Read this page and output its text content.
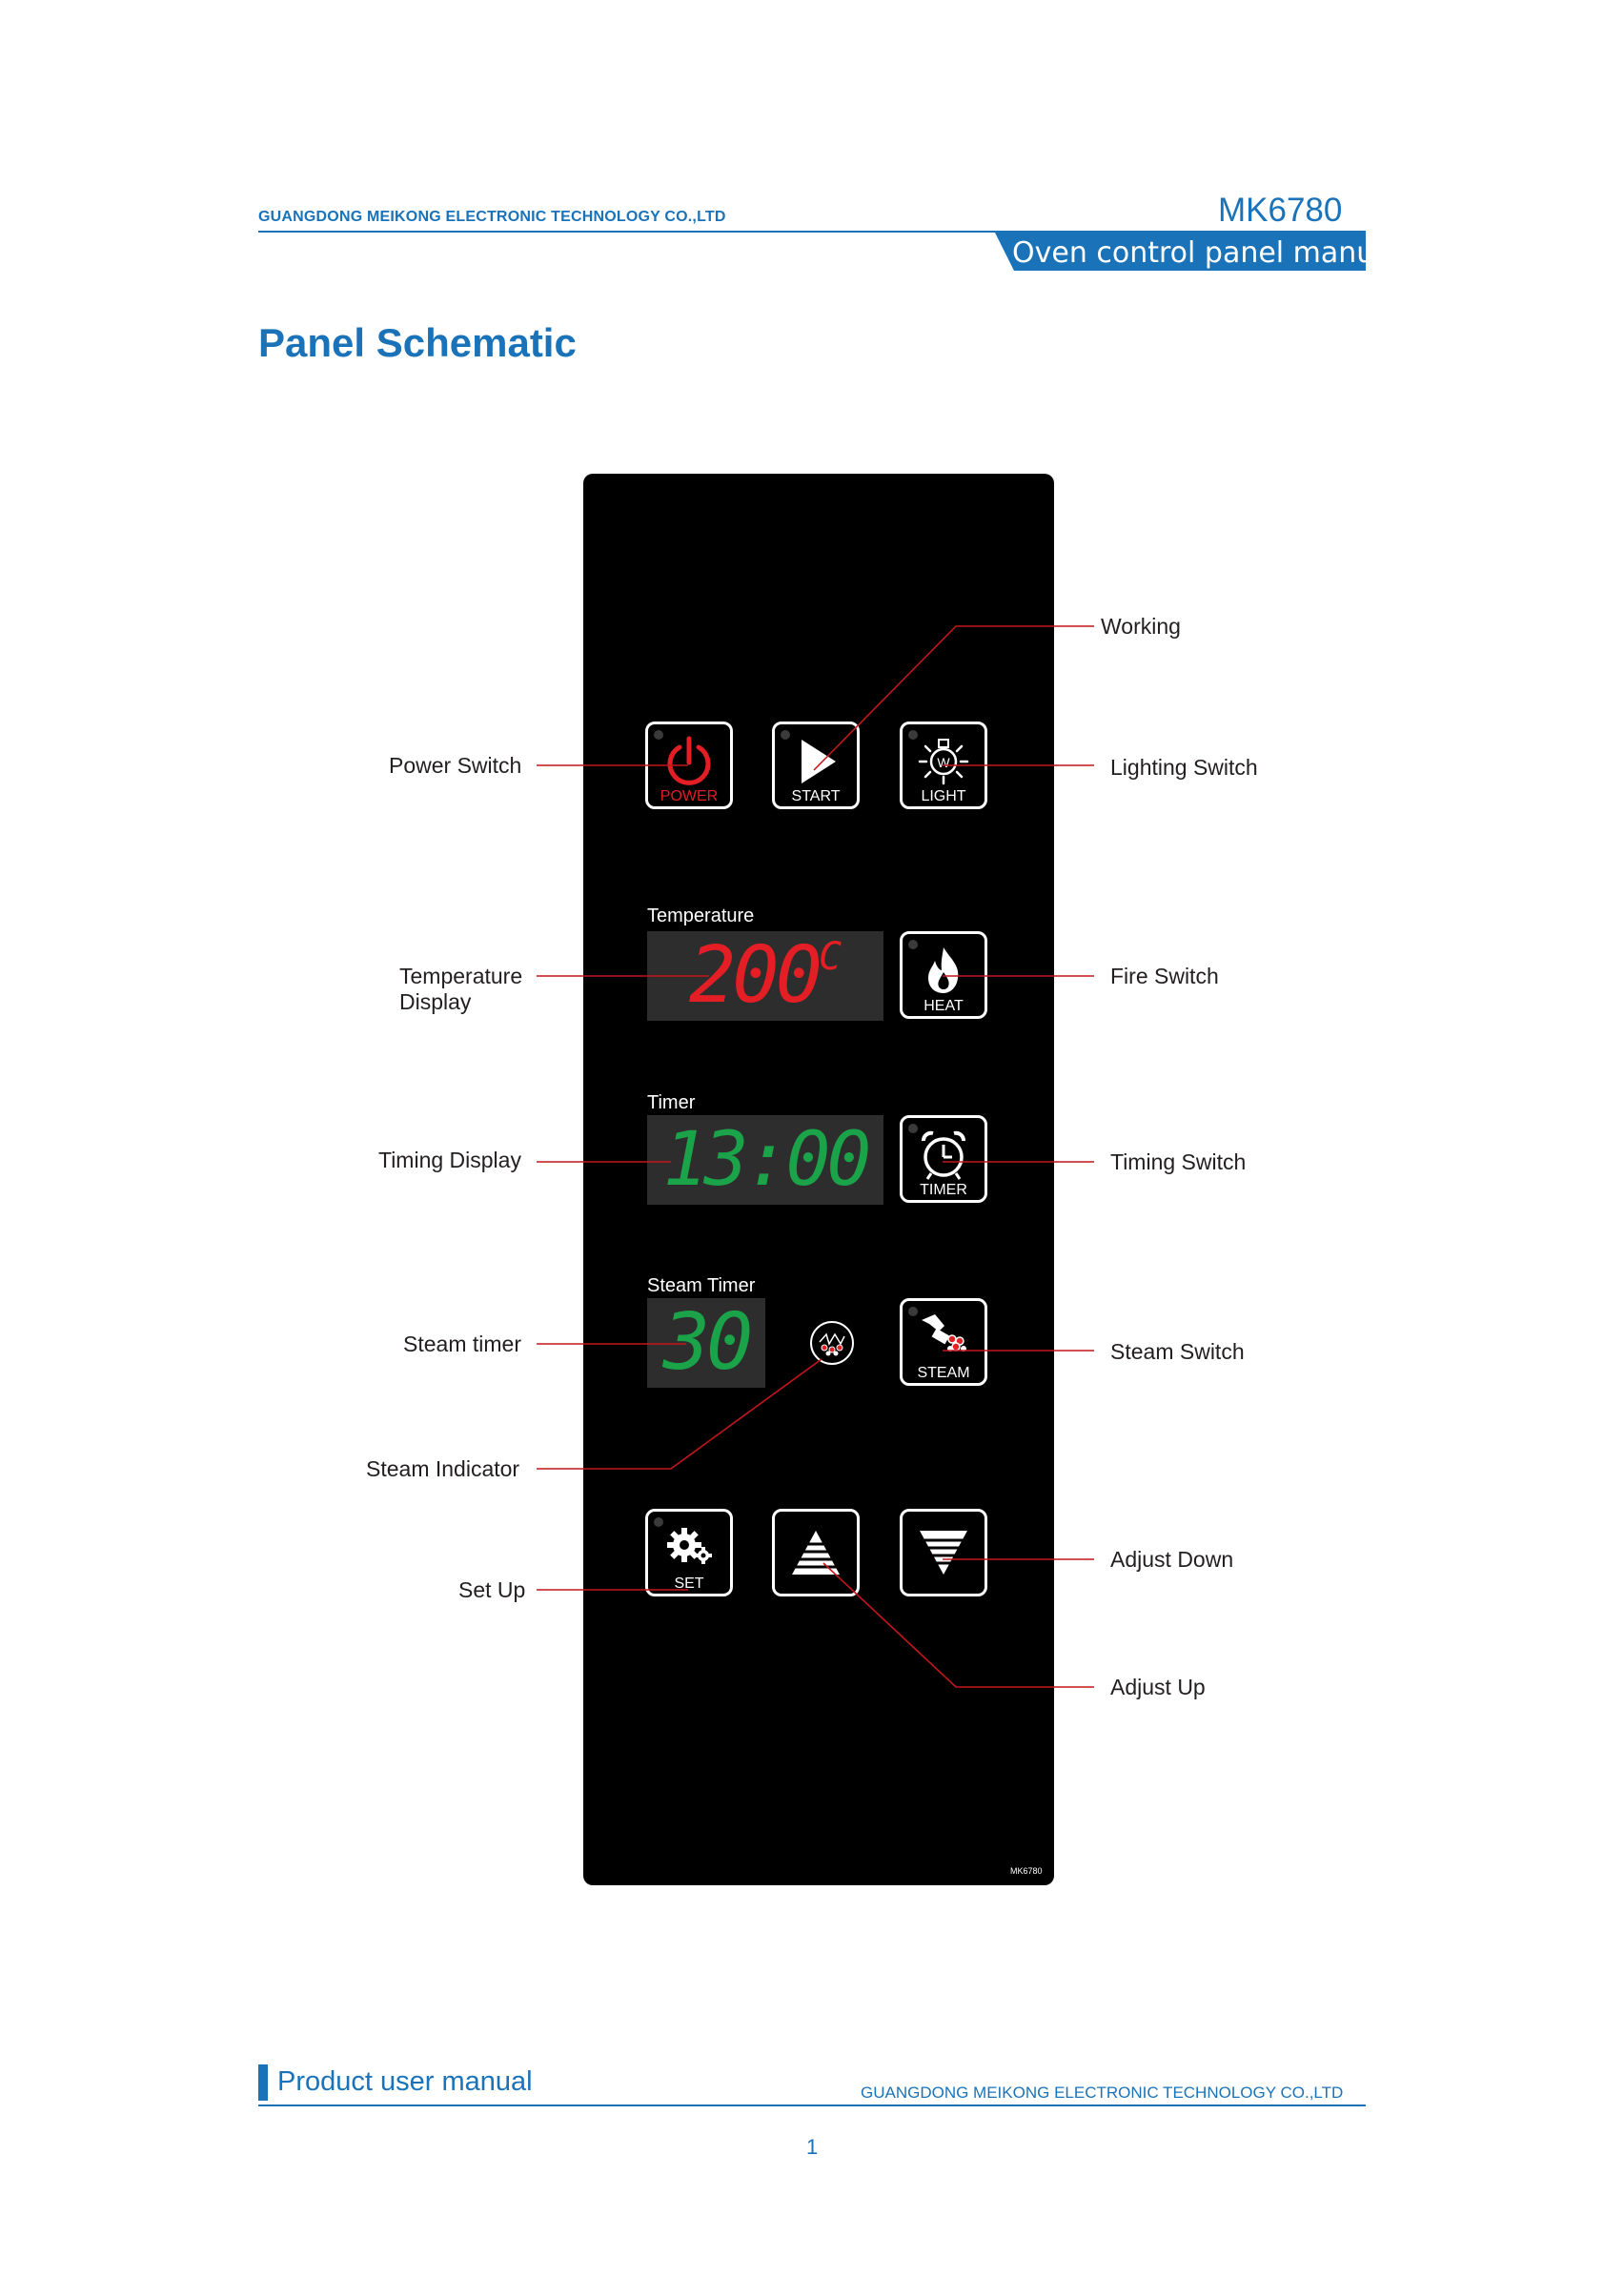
GUANGDONG MEIKONG ELECTRONIC TECHNOLOGY CO.,LTD	MK6780
Oven control panel manual
Panel Schematic
POWER	START
W
LIGHT
Temperature
$200^C$
HEAT
Timer
13:00	TIMER
Steam Timer
30	STEAM
SET
MK6780
Working
Power Switch	Lighting Switch
Temperature
Display
Fire Switch
Timing Display	Timing Switch
Steam timer	Steam Switch
Steam Indicator
Set Up
Adjust Down
Adjust Up
Product user manual	GUANGDONG MEIKONG ELECTRONIC TECHNOLOGY CO.,LTD
1
